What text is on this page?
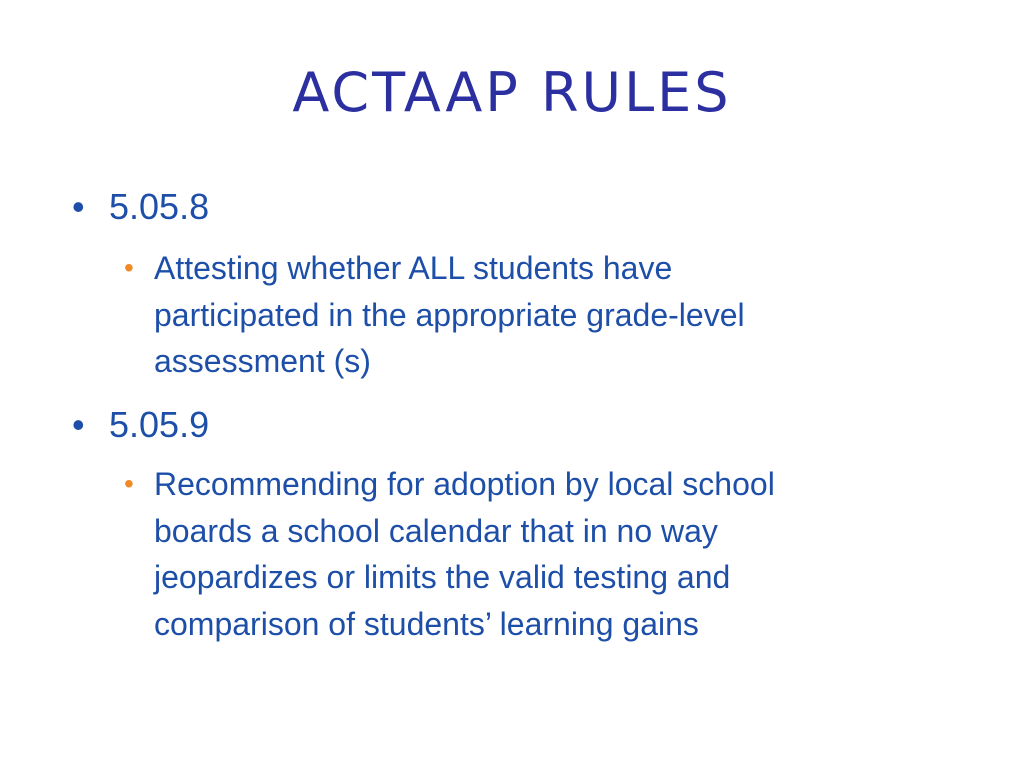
ACTAAP RULES
• 5.05.8
• Attesting whether ALL students have
participated in the appropriate grade-level
assessment (s)
• 5.05.9
• Recommending for adoption by local school
boards a school calendar that in no way
jeopardizes or limits the valid testing and
comparison of students’ learning gains
